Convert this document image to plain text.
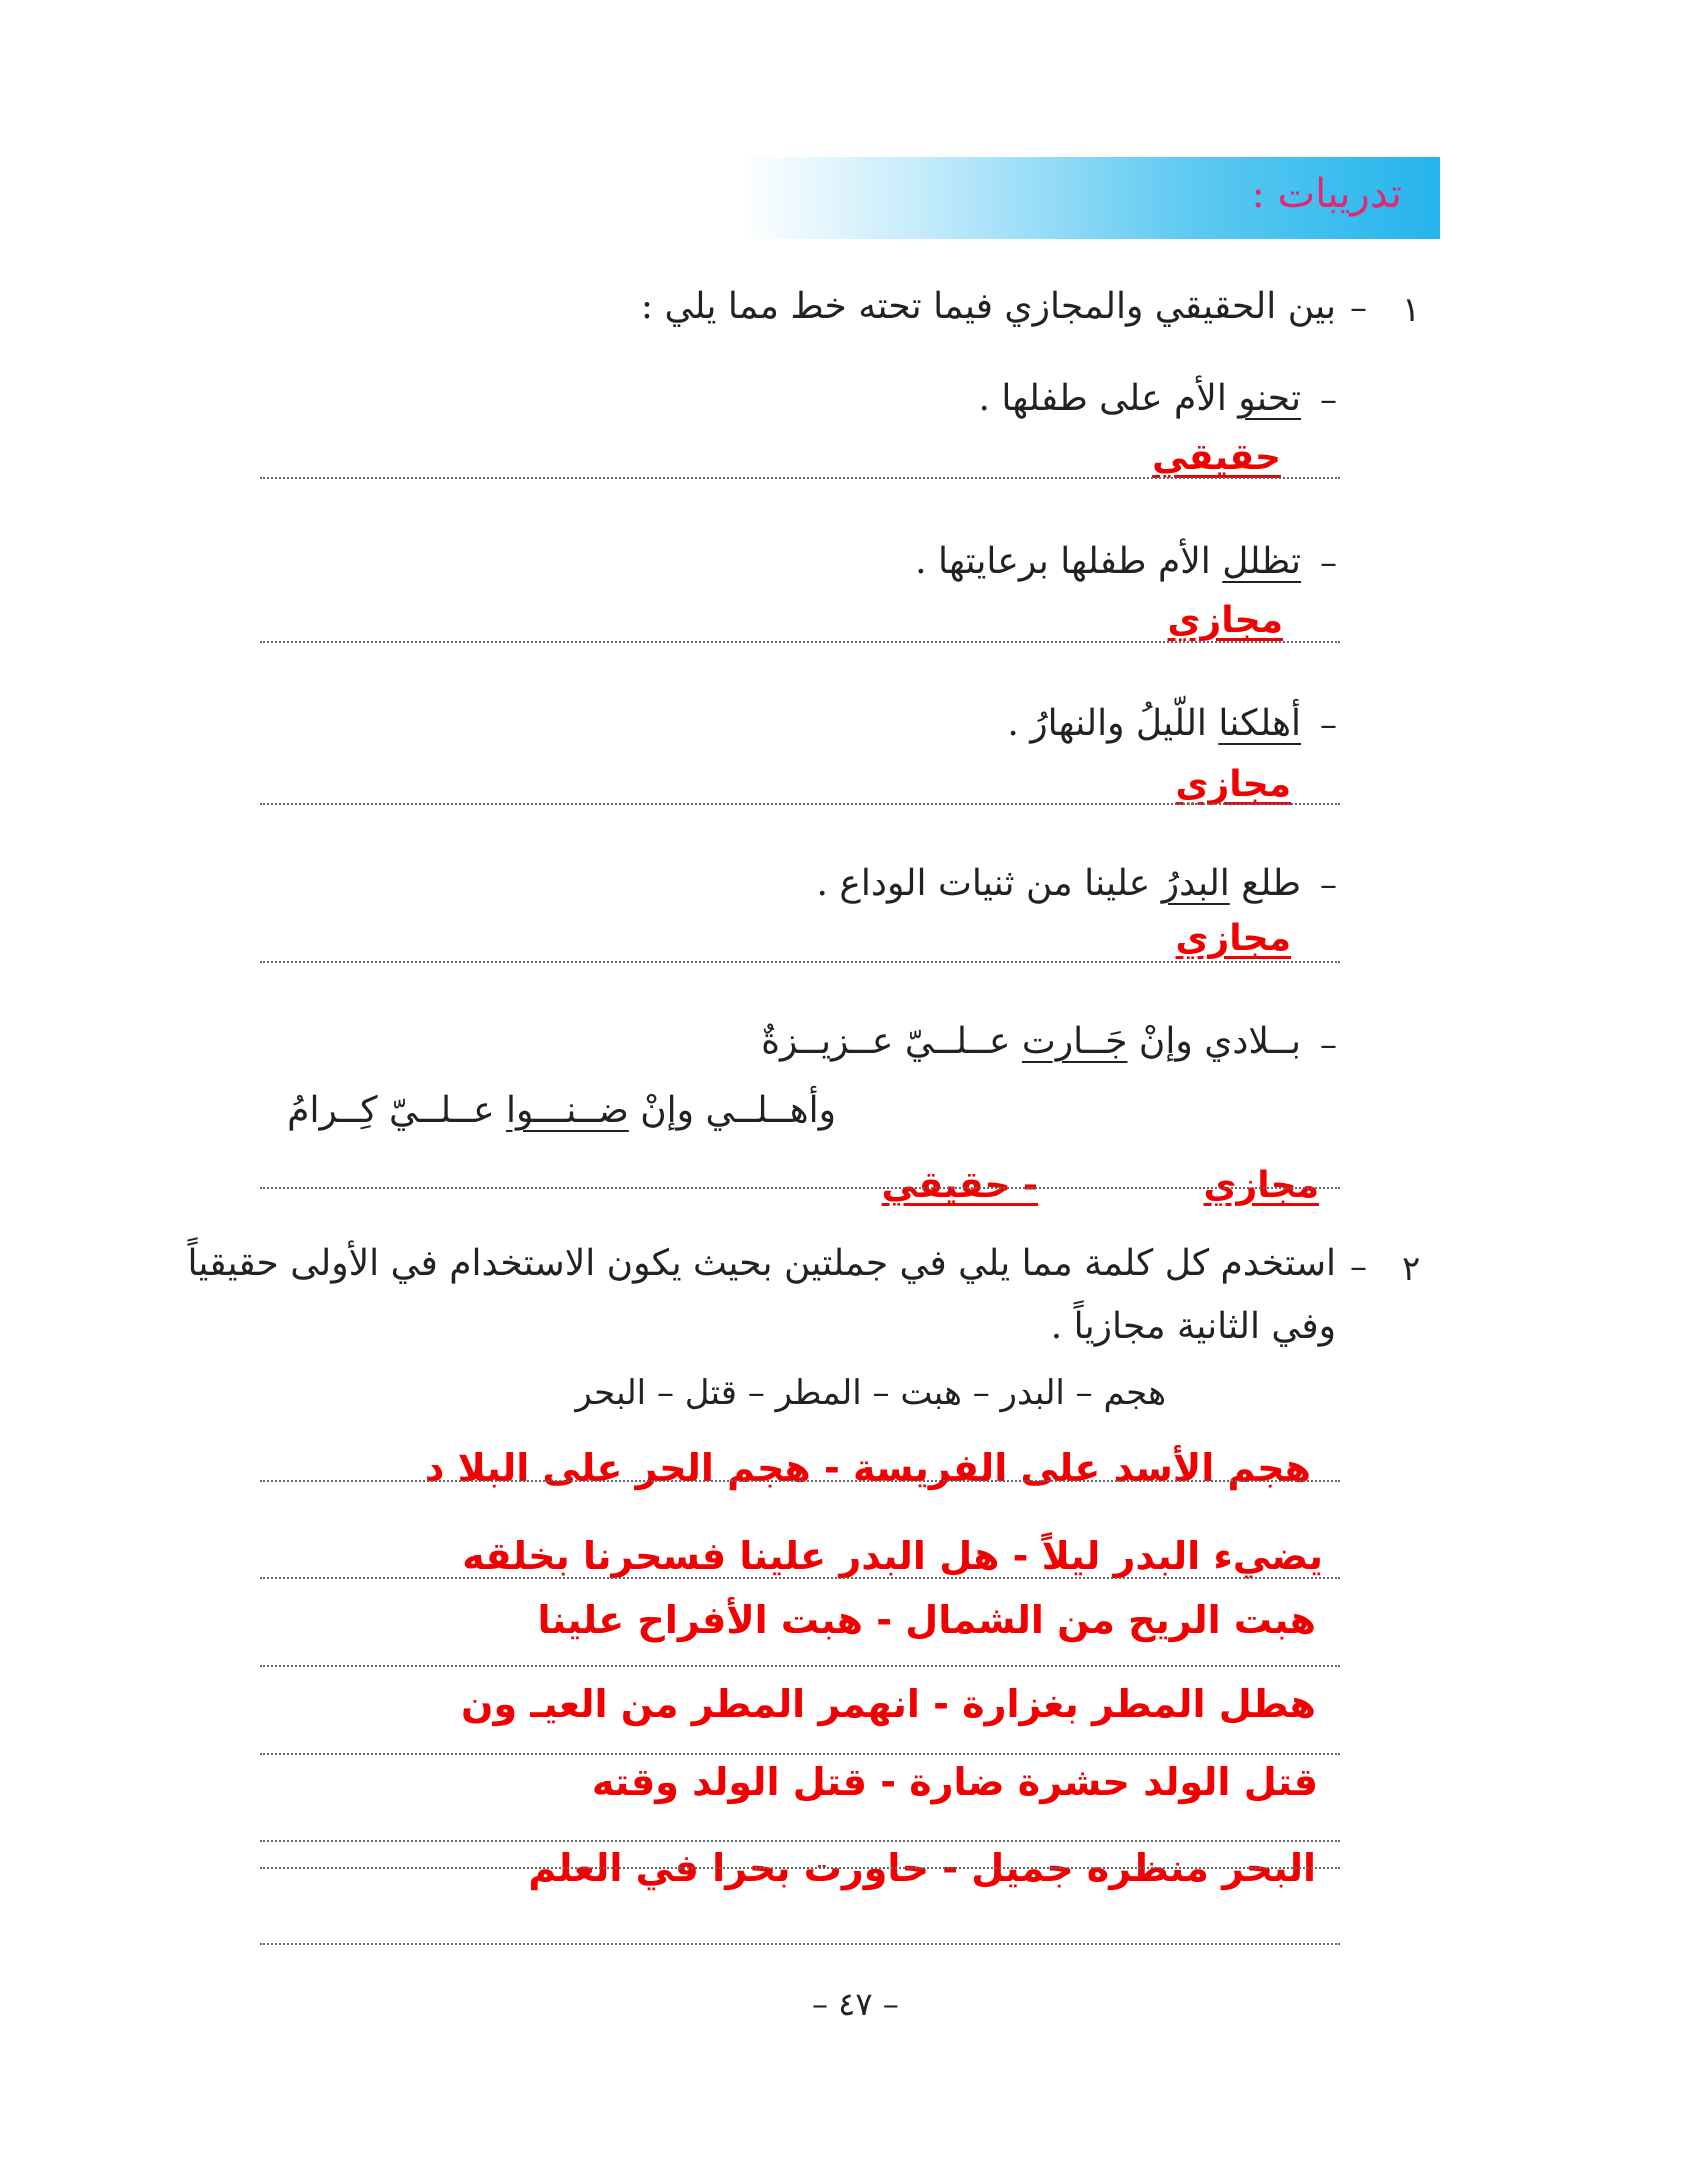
تدريبات :
١
–
بين الحقيقي والمجازي فيما تحته خط مما يلي :
–
تحنو الأم على طفلها .
حقيقي
–
تظلل الأم طفلها برعايتها .
مجازي
–
أهلكنا اللّيلُ والنهارُ .
مجازي
–
طلع البدرُ علينا من ثنيات الوداع .
مجازي
–
بــلادي وإنْ جَــارت عــلــيّ عــزيــزةٌ
وأهــلــي وإنْ ضــنـــوا عــلــيّ كِــرامُ
مجازي
- حقيقي
٢
–
استخدم كل كلمة مما يلي في جملتين بحيث يكون الاستخدام في الأولى حقيقياً
وفي الثانية مجازياً .
هجم – البدر – هبت – المطر – قتل – البحر
هجم الأسد على الفريسة - هجم الحر على البلا د
يضيء البدر ليلاً - هل البدر علينا فسحرنا بخلقه
هبت الريح من الشمال - هبت الأفراح علينا
هطل المطر بغزارة - انهمر المطر من العيـ ون
قتل الولد حشرة ضارة - قتل الولد وقته
البحر منظره جميل - حاورت بحرا في العلم
– ٤٧ –
